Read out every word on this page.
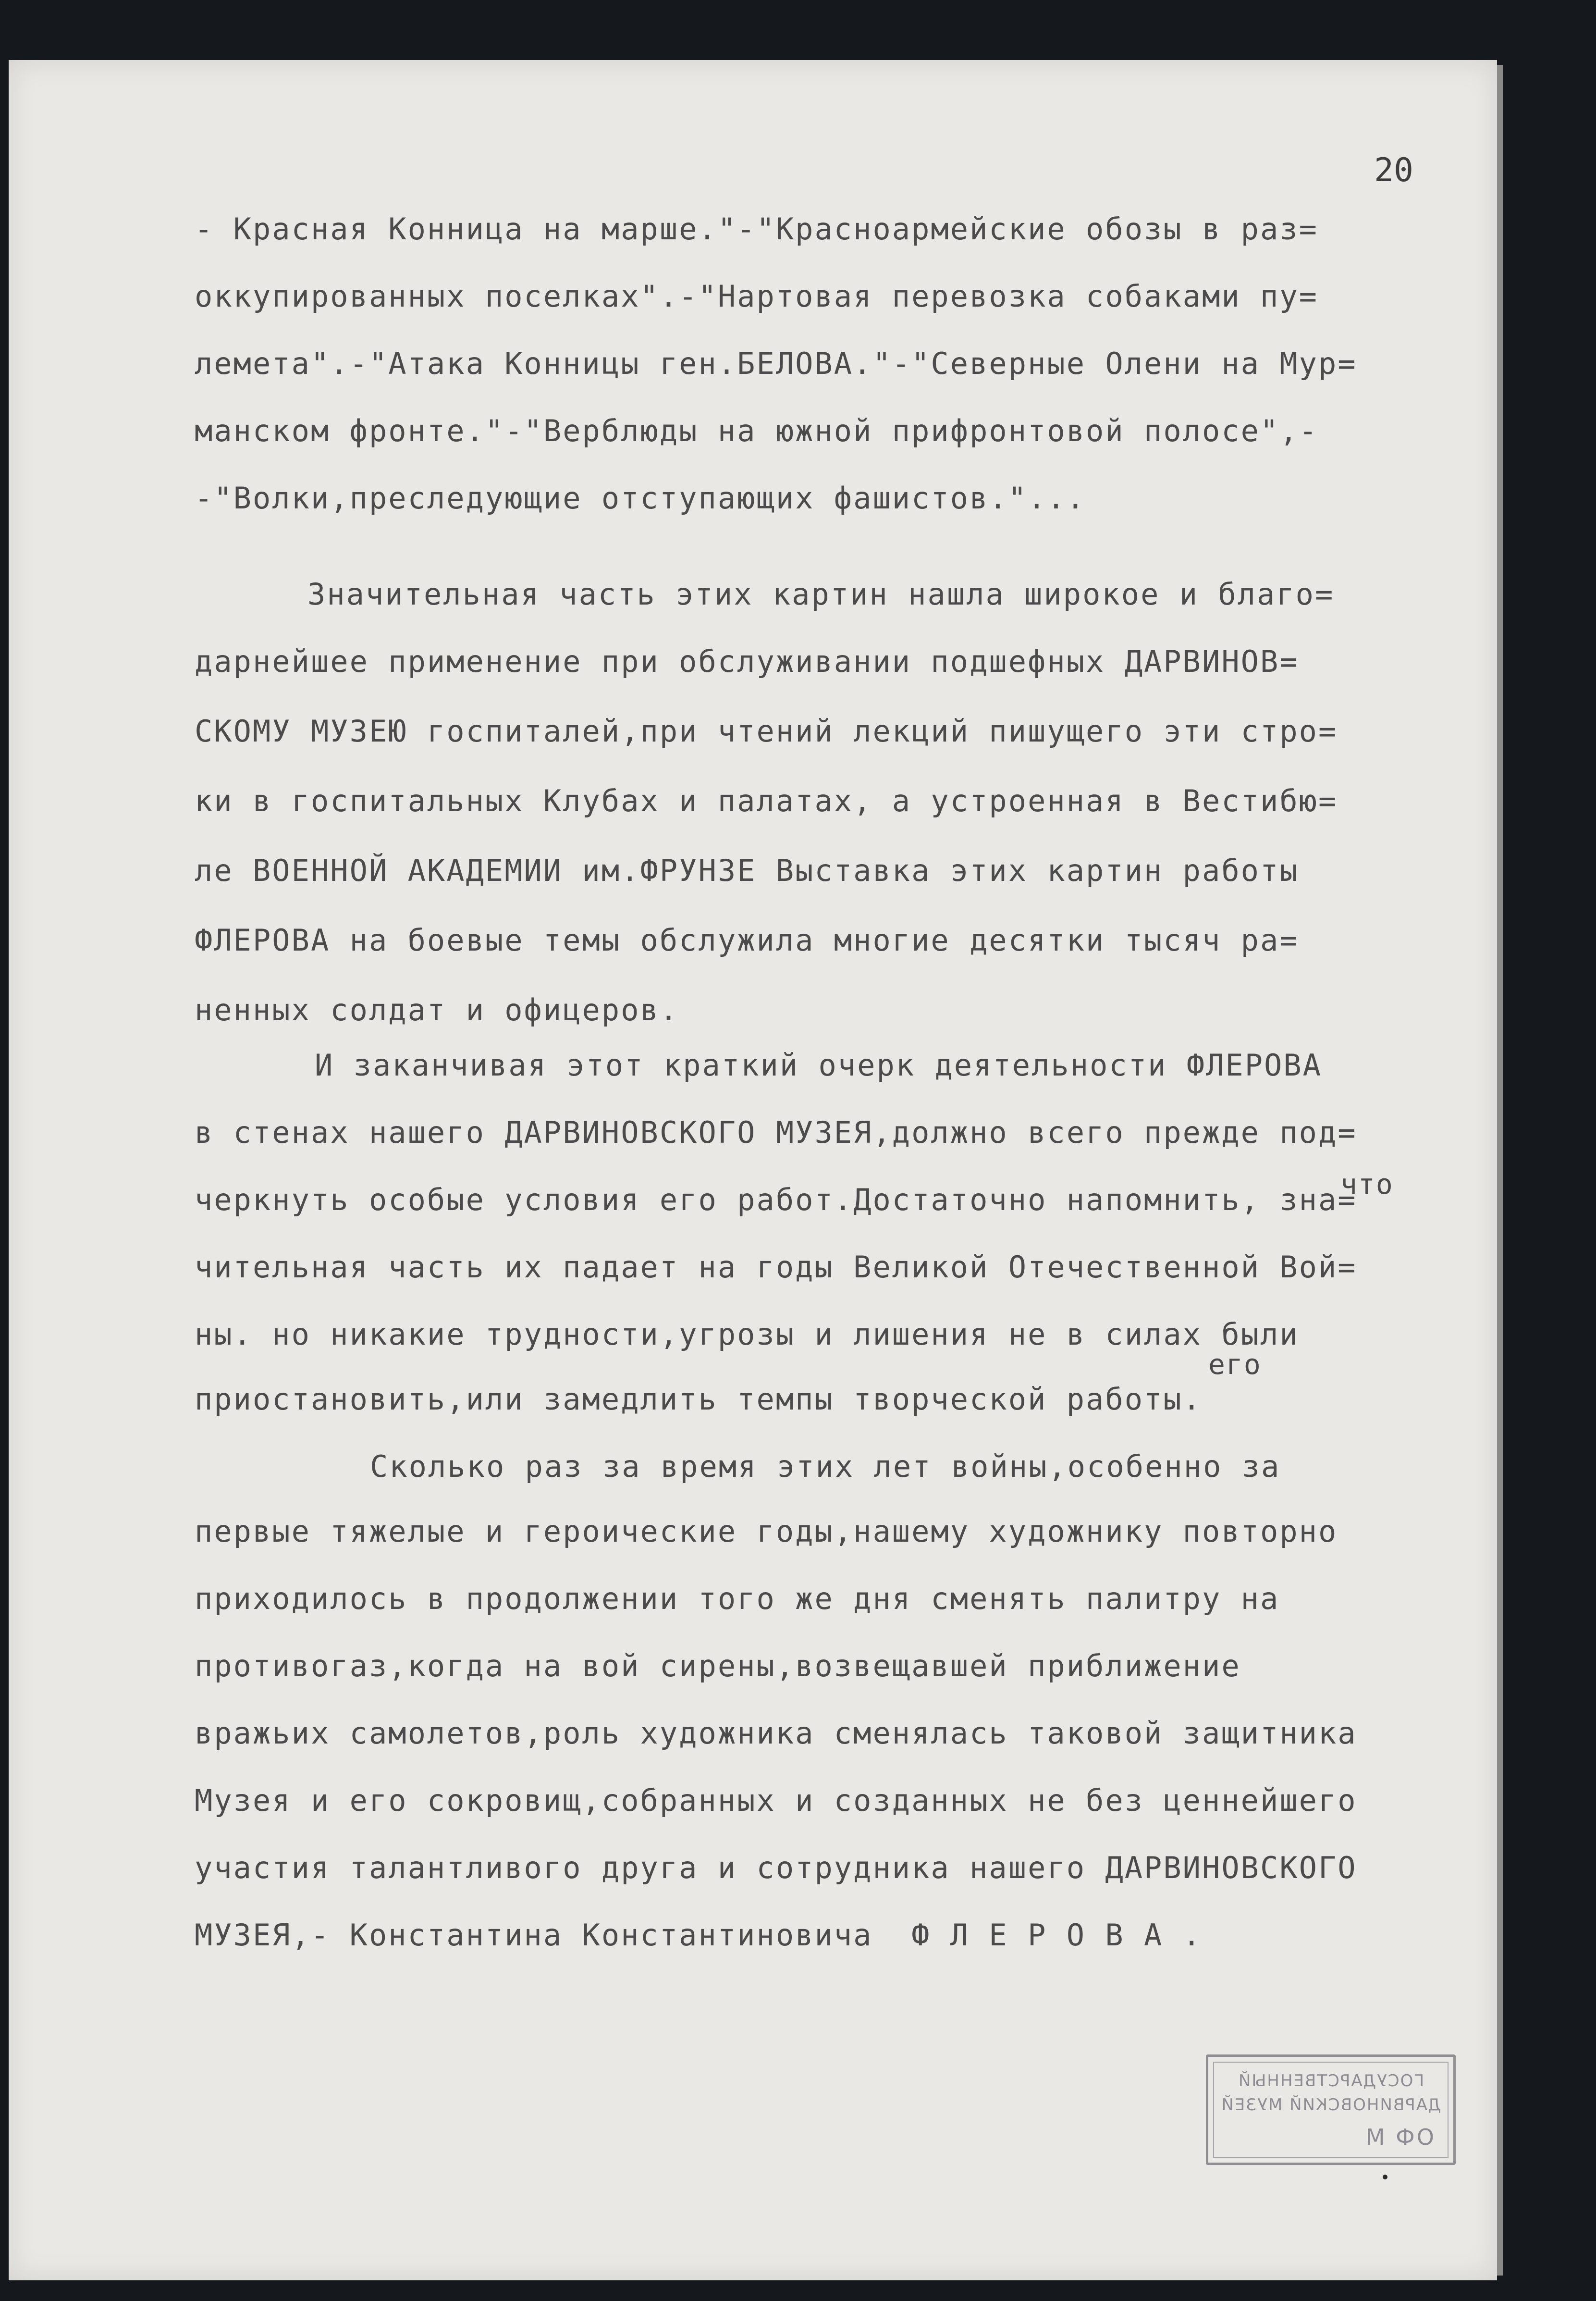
20
- Красная Конница на марше."-"Красноармейские обозы в раз=
оккупированных поселках".-"Нартовая перевозка собаками пу=
лемета".-"Атака Конницы ген.БЕЛОВА."-"Северные Олени на Мур=
манском фронте."-"Верблюды на южной прифронтовой полосе",-
-"Волки,преследующие отступающих фашистов."...
Значительная часть этих картин нашла широкое и благо=
дарнейшее применение при обслуживании подшефных ДАРВИНОВ=
СКОМУ МУЗЕЮ госпиталей,при чтений лекций пишущего эти стро=
ки в госпитальных Клубах и палатах, а устроенная в Вестибю=
ле ВОЕННОЙ АКАДЕМИИ им.ФРУНЗЕ Выставка этих картин работы
ФЛЕРОВА на боевые темы обслужила многие десятки тысяч ра=
ненных солдат и офицеров.
И заканчивая этот краткий очерк деятельности ФЛЕРОВА
в стенах нашего ДАРВИНОВСКОГО МУЗЕЯ,должно всего прежде под=
черкнуть особые условия его работ.Достаточно напомнить, зна=
что
чительная часть их падает на годы Великой Отечественной Вой=
ны. но никакие трудности,угрозы и лишения не в силах были
его
приостановить,или замедлить темпы творческой работы.
Сколько раз за время этих лет войны,особенно за
первые тяжелые и героические годы,нашему художнику повторно
приходилось в продолжении того же дня сменять палитру на
противогаз,когда на вой сирены,возвещавшей приближение
вражьих самолетов,роль художника сменялась таковой защитника
Музея и его сокровищ,собранных и созданных не без ценнейшего
участия талантливого друга и сотрудника нашего ДАРВИНОВСКОГО
МУЗЕЯ,- Константина Константиновича  Ф Л Е Р О В А .
ГОСУДАРСТВЕННЫЙ
ДАРВИНОВСКИЙ МУЗЕЙ
ОФ М
